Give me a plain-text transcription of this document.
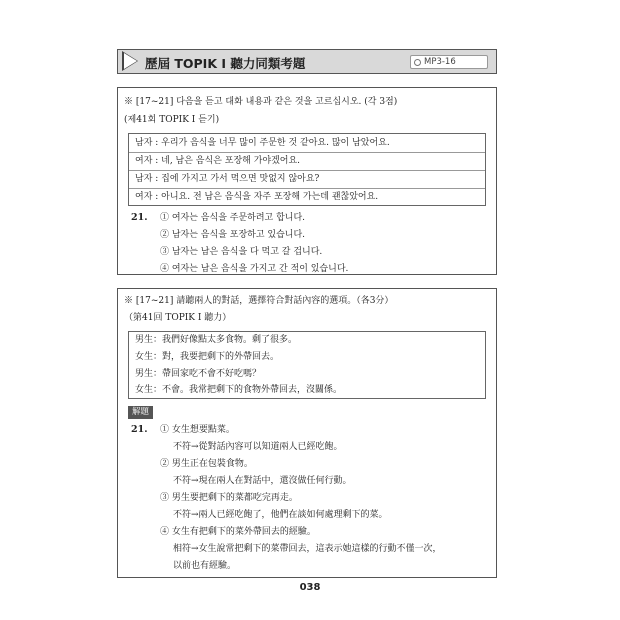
歷屆 TOPIK I 聽力同類考題	MP3-16
※ [17~21] 다음을 듣고 대화 내용과 같은 것을 고르십시오. (각 3점)
(제41회 TOPIK I 듣기)
남자 : 우리가 음식을 너무 많이 주문한 것 같아요. 많이 남았어요.
여자 : 네, 남은 음식은 포장해 가야겠어요.
남자 : 집에 가지고 가서 먹으면 맛없지 않아요?
여자 : 아니요. 전 남은 음식을 자주 포장해 가는데 괜찮았어요.
21. ① 여자는 음식을 주문하려고 합니다.
② 남자는 음식을 포장하고 있습니다.
③ 남자는 남은 음식을 다 먹고 갈 겁니다.
④ 여자는 남은 음식을 가지고 간 적이 있습니다.
※ [17~21] 請聽兩人的對話，選擇符合對話內容的選項。（各3分）
（第41回 TOPIK I 聽力）
男生：我們好像點太多食物。剩了很多。
女生：對，我要把剩下的外帶回去。
男生：帶回家吃不會不好吃嗎？
女生：不會。我常把剩下的食物外帶回去，沒關係。
解題
21. ① 女生想要點菜。
不符→從對話內容可以知道兩人已經吃飽。
② 男生正在包裝食物。
不符→現在兩人在對話中，還沒做任何行動。
③ 男生要把剩下的菜都吃完再走。
不符→兩人已經吃飽了，他們在談如何處理剩下的菜。
④ 女生有把剩下的菜外帶回去的經驗。
相符→女生說常把剩下的菜帶回去，這表示她這樣的行動不僅一次，
以前也有經驗。
038
